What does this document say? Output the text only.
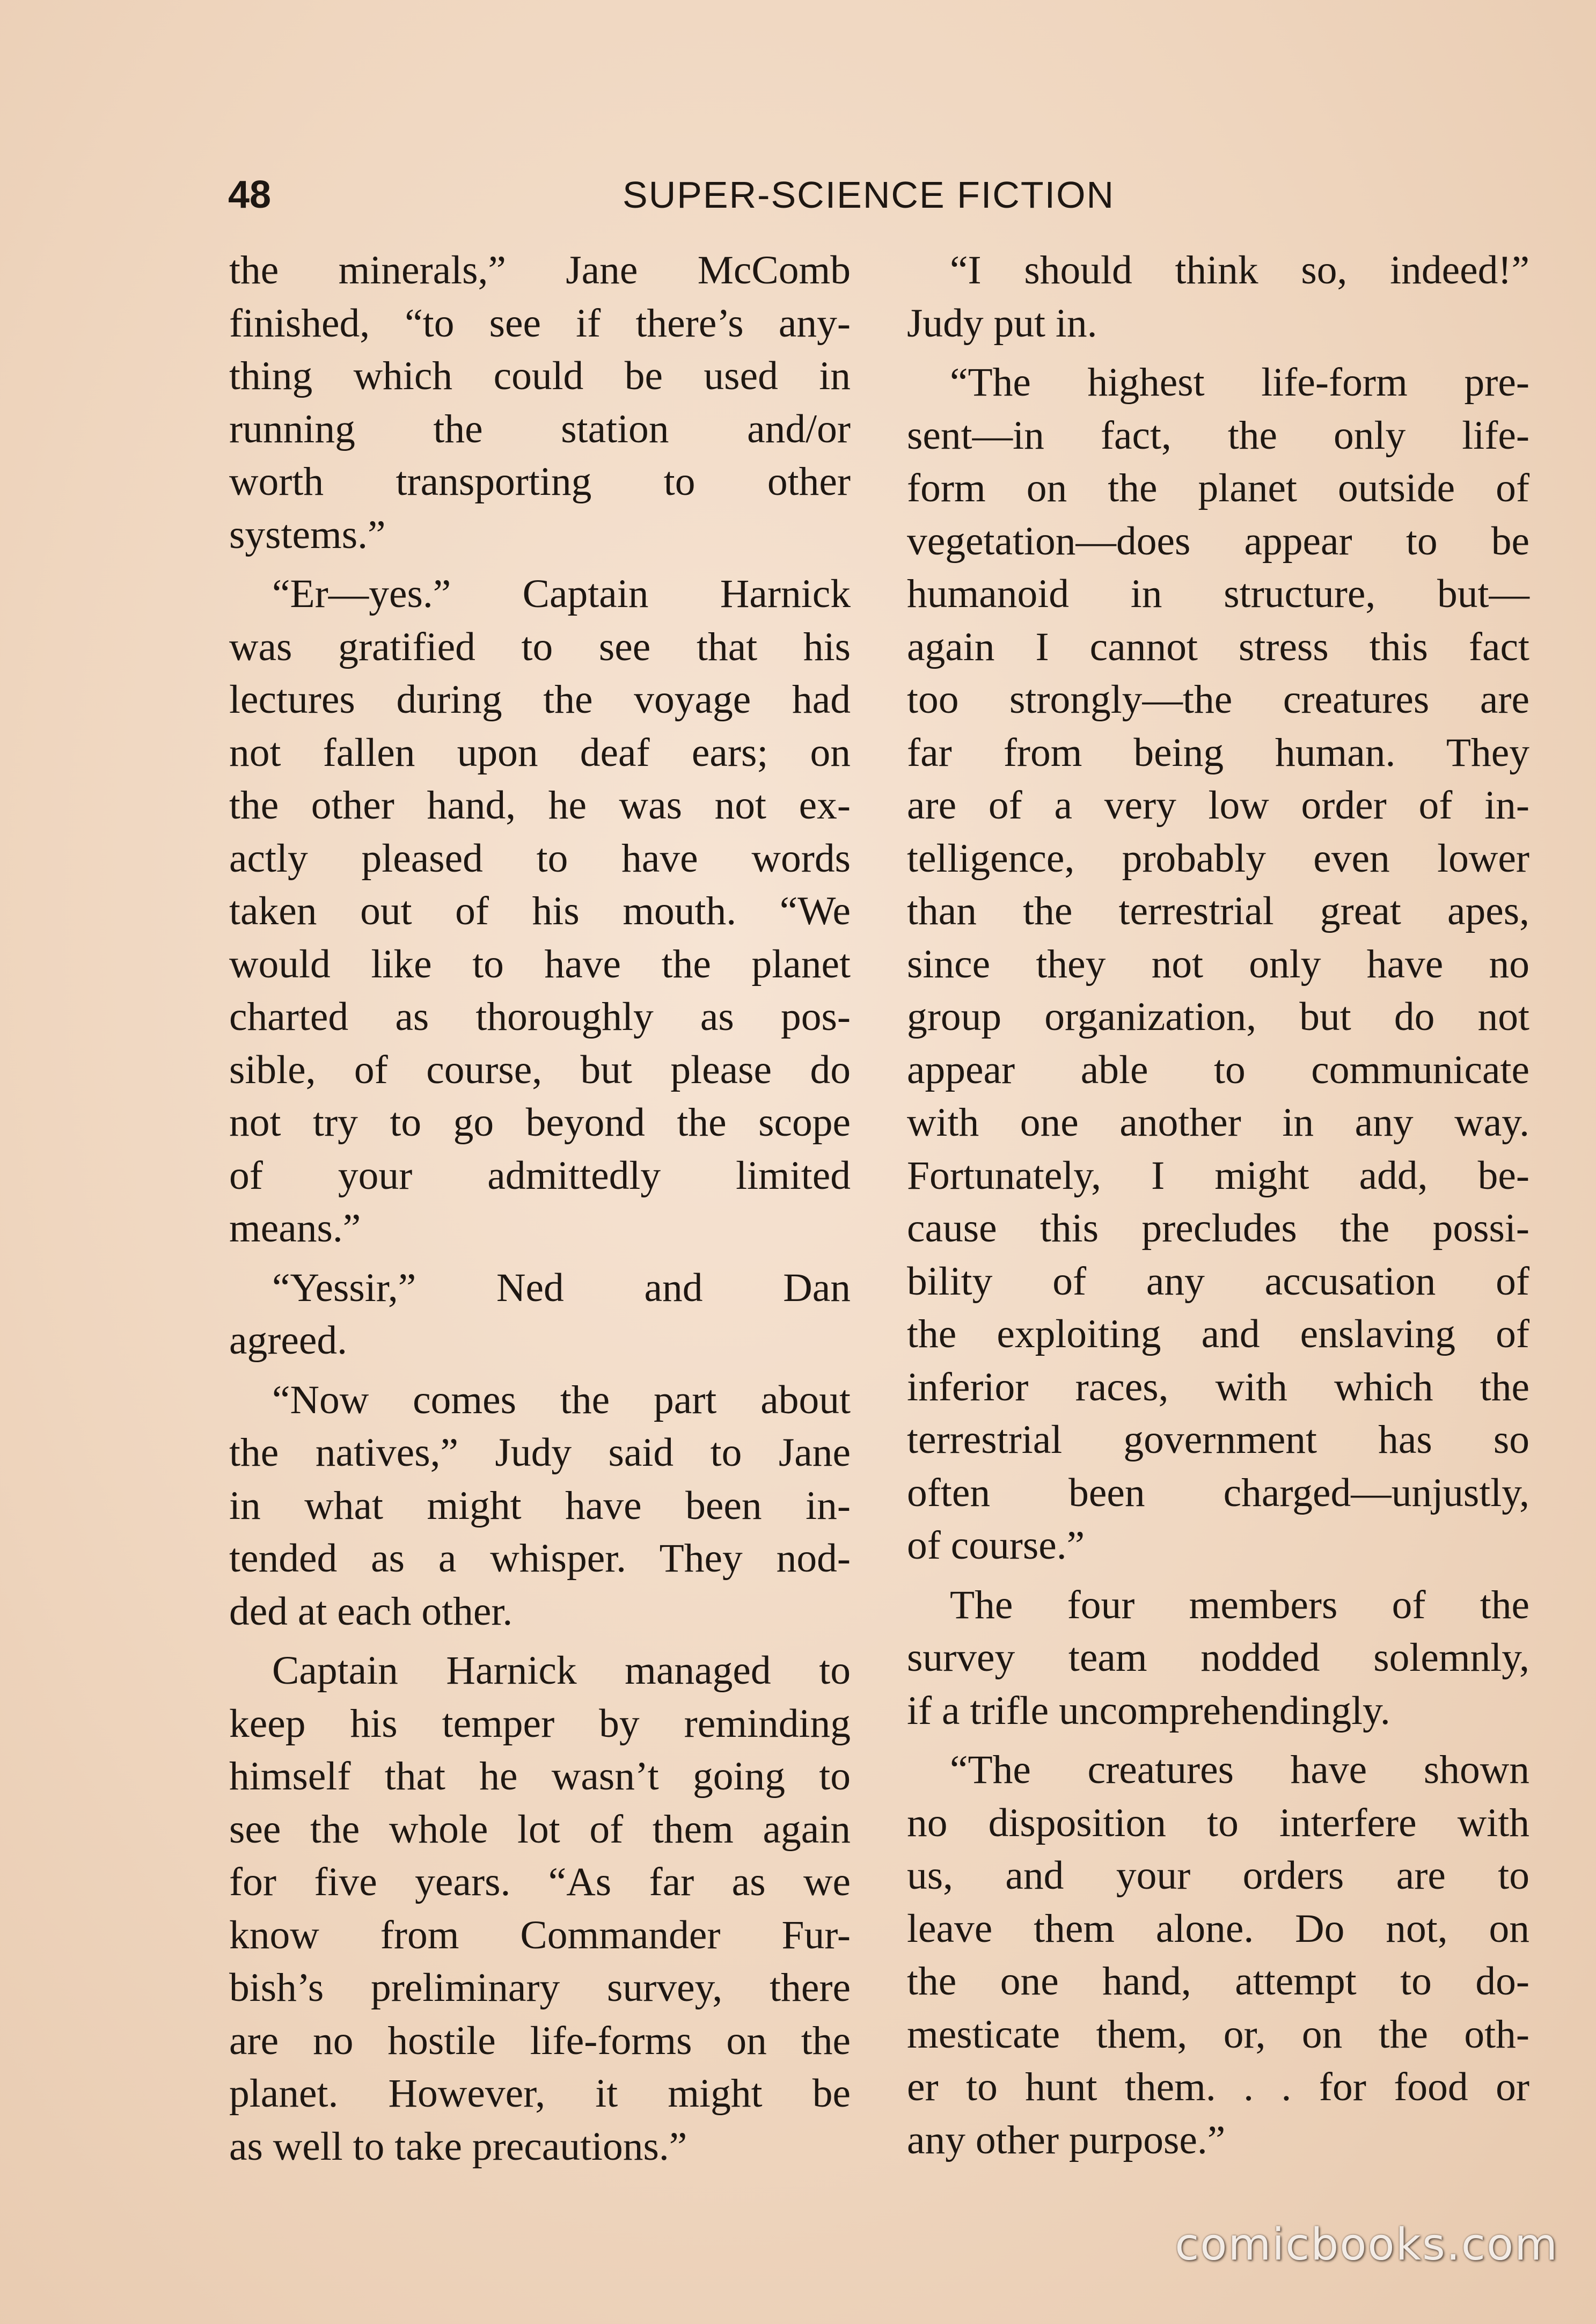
48	SUPER-SCIENCE FICTION
the minerals,” Jane McComb
finished, “to see if there’s any-
thing which could be used in
running the station and/or
worth transporting to other
systems.”
“Er—yes.” Captain Harnick
was gratified to see that his
lectures during the voyage had
not fallen upon deaf ears; on
the other hand, he was not ex-
actly pleased to have words
taken out of his mouth. “We
would like to have the planet
charted as thoroughly as pos-
sible, of course, but please do
not try to go beyond the scope
of your admittedly limited
means.”
“Yessir,” Ned and Dan
agreed.
“Now comes the part about
the natives,” Judy said to Jane
in what might have been in-
tended as a whisper. They nod-
ded at each other.
Captain Harnick managed to
keep his temper by reminding
himself that he wasn’t going to
see the whole lot of them again
for five years. “As far as we
know from Commander Fur-
bish’s preliminary survey, there
are no hostile life-forms on the
planet. However, it might be
as well to take precautions.”
“I should think so, indeed!”
Judy put in.
“The highest life-form pre-
sent—in fact, the only life-
form on the planet outside of
vegetation—does appear to be
humanoid in structure, but—
again I cannot stress this fact
too strongly—the creatures are
far from being human. They
are of a very low order of in-
telligence, probably even lower
than the terrestrial great apes,
since they not only have no
group organization, but do not
appear able to communicate
with one another in any way.
Fortunately, I might add, be-
cause this precludes the possi-
bility of any accusation of
the exploiting and enslaving of
inferior races, with which the
terrestrial government has so
often been charged—unjustly,
of course.”
The four members of the
survey team nodded solemnly,
if a trifle uncomprehendingly.
“The creatures have shown
no disposition to interfere with
us, and your orders are to
leave them alone. Do not, on
the one hand, attempt to do-
mesticate them, or, on the oth-
er to hunt them. . . for food or
any other purpose.”
comicbooks.com
